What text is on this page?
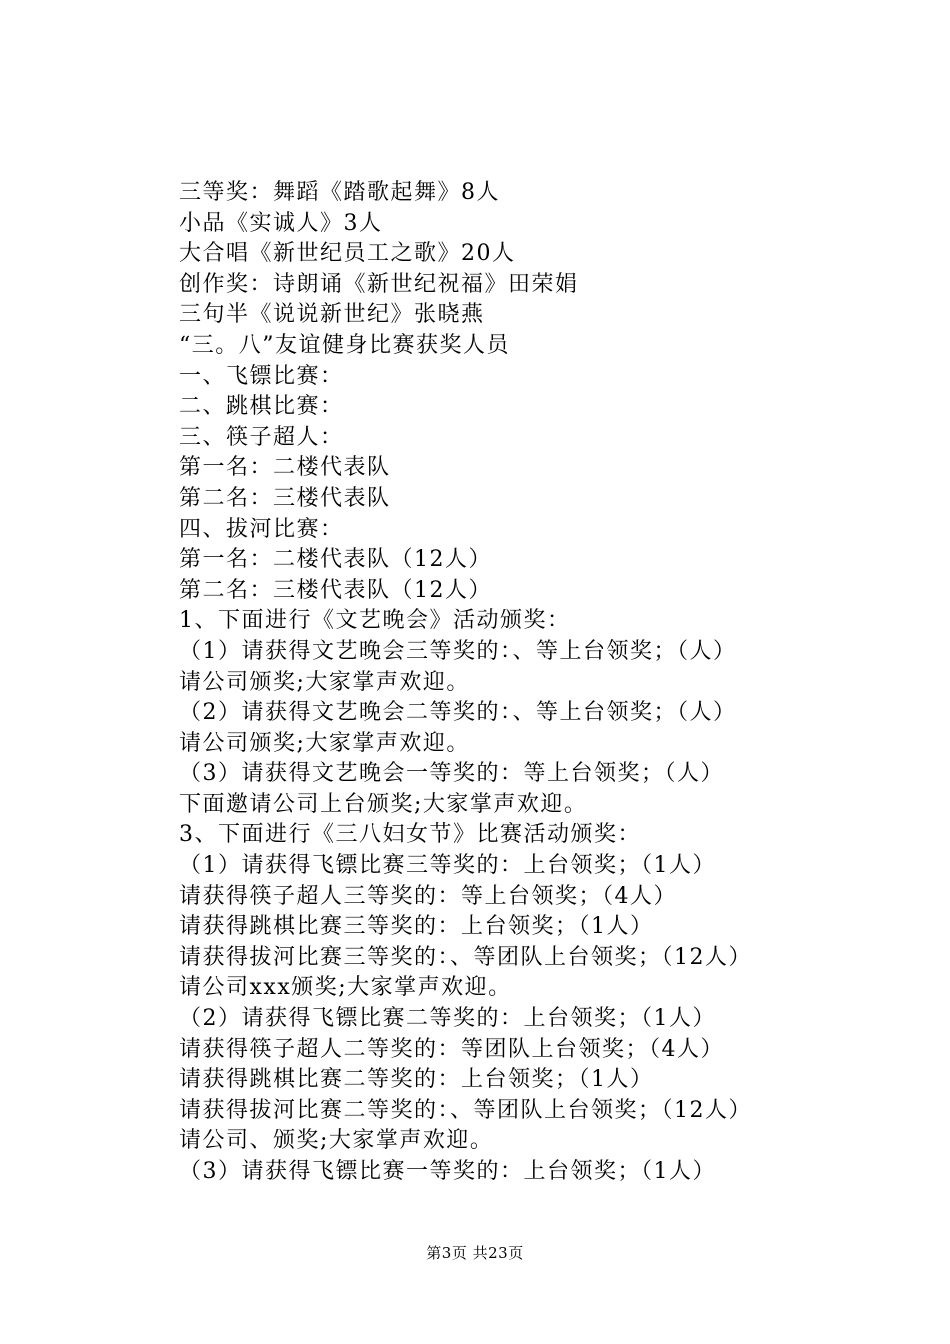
三等奖：舞蹈《踏歌起舞》8人
小品《实诚人》3人
大合唱《新世纪员工之歌》20人
创作奖：诗朗诵《新世纪祝福》田荣娟
三句半《说说新世纪》张晓燕
“三。八”友谊健身比赛获奖人员
一、飞镖比赛：
二、跳棋比赛：
三、筷子超人：
第一名：二楼代表队
第二名：三楼代表队
四、拔河比赛：
第一名：二楼代表队（12人）
第二名：三楼代表队（12人）
1、下面进行《文艺晚会》活动颁奖：
（1）请获得文艺晚会三等奖的：、等上台领奖；（人）
请公司颁奖;大家掌声欢迎。
（2）请获得文艺晚会二等奖的：、等上台领奖；（人）
请公司颁奖;大家掌声欢迎。
（3）请获得文艺晚会一等奖的：等上台领奖；（人）
下面邀请公司上台颁奖;大家掌声欢迎。
3、下面进行《三八妇女节》比赛活动颁奖：
（1）请获得飞镖比赛三等奖的：上台领奖；（1人）
请获得筷子超人三等奖的：等上台领奖；（4人）
请获得跳棋比赛三等奖的：上台领奖；（1人）
请获得拔河比赛三等奖的：、等团队上台领奖；（12人）
请公司xxx颁奖;大家掌声欢迎。
（2）请获得飞镖比赛二等奖的：上台领奖；（1人）
请获得筷子超人二等奖的：等团队上台领奖；（4人）
请获得跳棋比赛二等奖的：上台领奖；（1人）
请获得拔河比赛二等奖的：、等团队上台领奖；（12人）
请公司、颁奖;大家掌声欢迎。
（3）请获得飞镖比赛一等奖的：上台领奖；（1人）
第3页 共23页
